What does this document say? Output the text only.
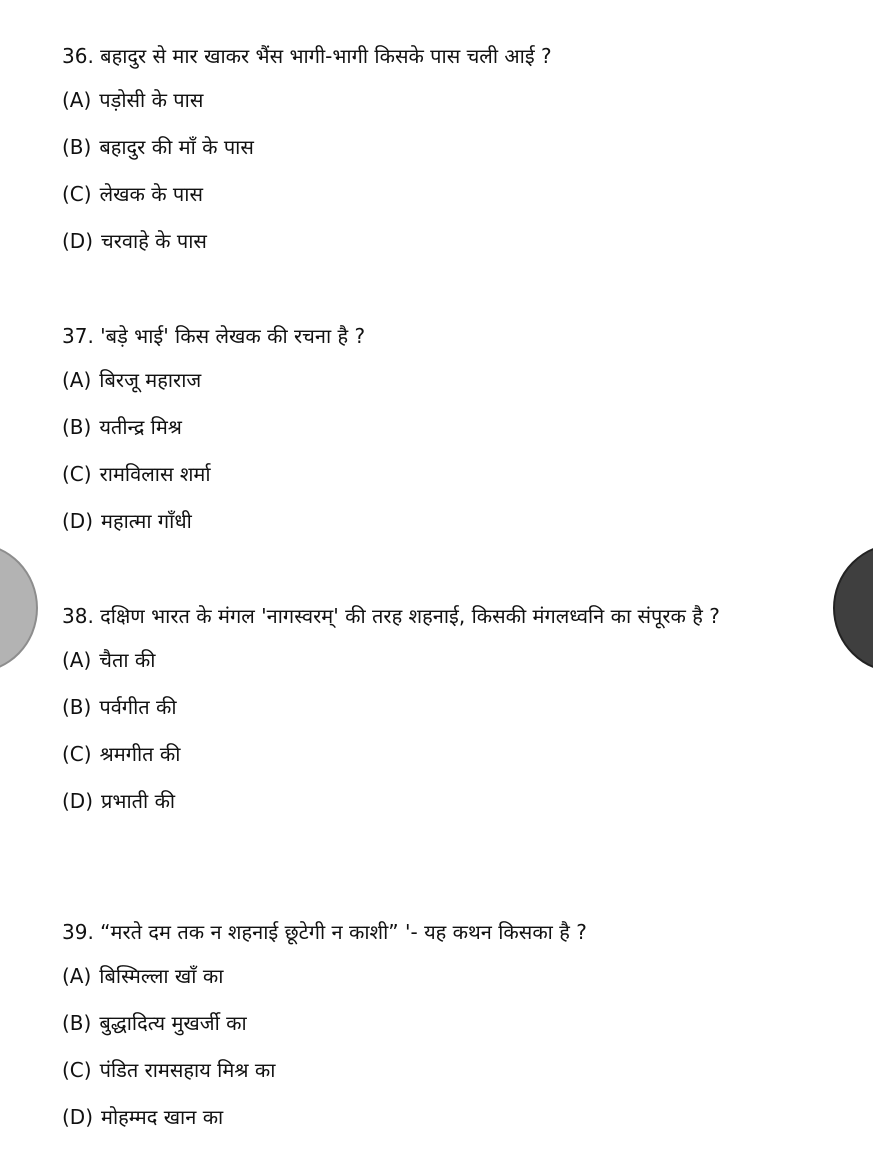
36. बहादुर से मार खाकर भैंस भागी-भागी किसके पास चली आई ?

(A) पड़ोसी के पास
(B) बहादुर की माँ के पास
(C) लेखक के पास
(D) चरवाहे के पास

37. 'बड़े भाई' किस लेखक की रचना है ?

(A) बिरजू महाराज
(B) यतीन्द्र मिश्र
(C) रामविलास शर्मा
(D) महात्मा गाँधी

38. दक्षिण भारत के मंगल 'नागस्वरम्' की तरह शहनाई, किसकी मंगलध्वनि का संपूरक है ?

(A) चैता की
(B) पर्वगीत की
(C) श्रमगीत की
(D) प्रभाती की

39. “मरते दम तक न शहनाई छूटेगी न काशी” '- यह कथन किसका है ?

(A) बिस्मिल्ला खाँ का
(B) बुद्धादित्य मुखर्जी का
(C) पंडित रामसहाय मिश्र का
(D) मोहम्मद खान का
